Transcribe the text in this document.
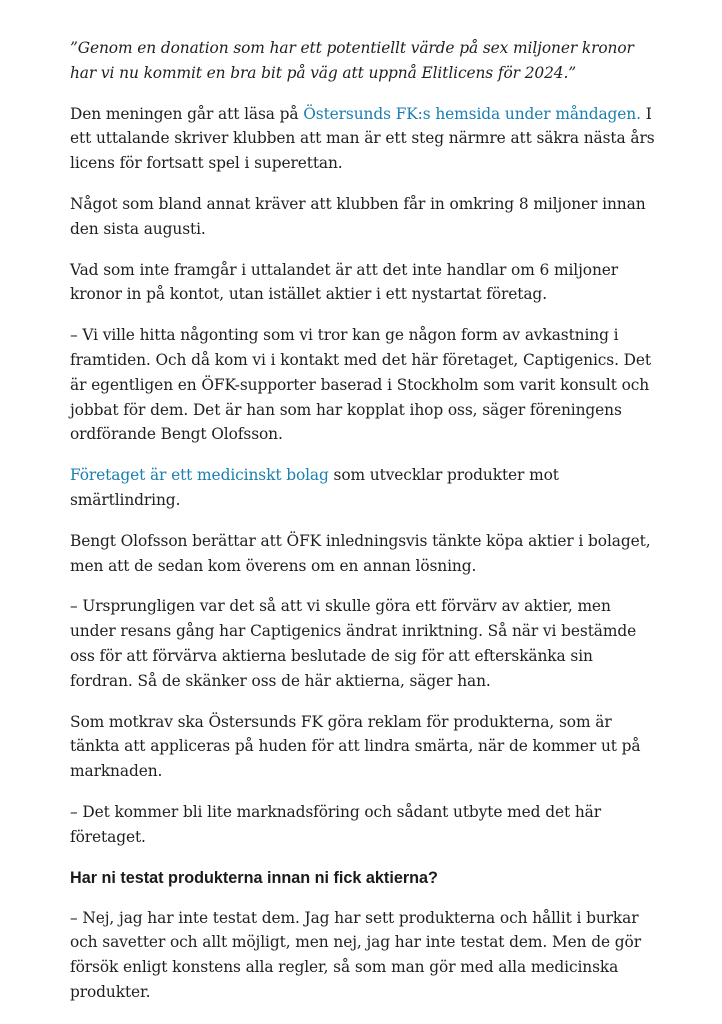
”Genom en donation som har ett potentiellt värde på sex miljoner kronor har vi nu kommit en bra bit på väg att uppnå Elitlicens för 2024.”

Den meningen går att läsa på Östersunds FK:s hemsida under måndagen. I ett uttalande skriver klubben att man är ett steg närmre att säkra nästa års licens för fortsatt spel i superettan.

Något som bland annat kräver att klubben får in omkring 8 miljoner innan den sista augusti.

Vad som inte framgår i uttalandet är att det inte handlar om 6 miljoner kronor in på kontot, utan istället aktier i ett nystartat företag.

– Vi ville hitta någonting som vi tror kan ge någon form av avkastning i framtiden. Och då kom vi i kontakt med det här företaget, Captigenics. Det är egentligen en ÖFK-supporter baserad i Stockholm som varit konsult och jobbat för dem. Det är han som har kopplat ihop oss, säger föreningens ordförande Bengt Olofsson.

Företaget är ett medicinskt bolag som utvecklar produkter mot smärtlindring.

Bengt Olofsson berättar att ÖFK inledningsvis tänkte köpa aktier i bolaget, men att de sedan kom överens om en annan lösning.

– Ursprungligen var det så att vi skulle göra ett förvärv av aktier, men under resans gång har Captigenics ändrat inriktning. Så när vi bestämde oss för att förvärva aktierna beslutade de sig för att efterskänka sin fordran. Så de skänker oss de här aktierna, säger han.

Som motkrav ska Östersunds FK göra reklam för produkterna, som är tänkta att appliceras på huden för att lindra smärta, när de kommer ut på marknaden.

– Det kommer bli lite marknadsföring och sådant utbyte med det här företaget.

Har ni testat produkterna innan ni fick aktierna?

– Nej, jag har inte testat dem. Jag har sett produkterna och hållit i burkar och savetter och allt möjligt, men nej, jag har inte testat dem. Men de gör försök enligt konstens alla regler, så som man gör med alla medicinska produkter.
